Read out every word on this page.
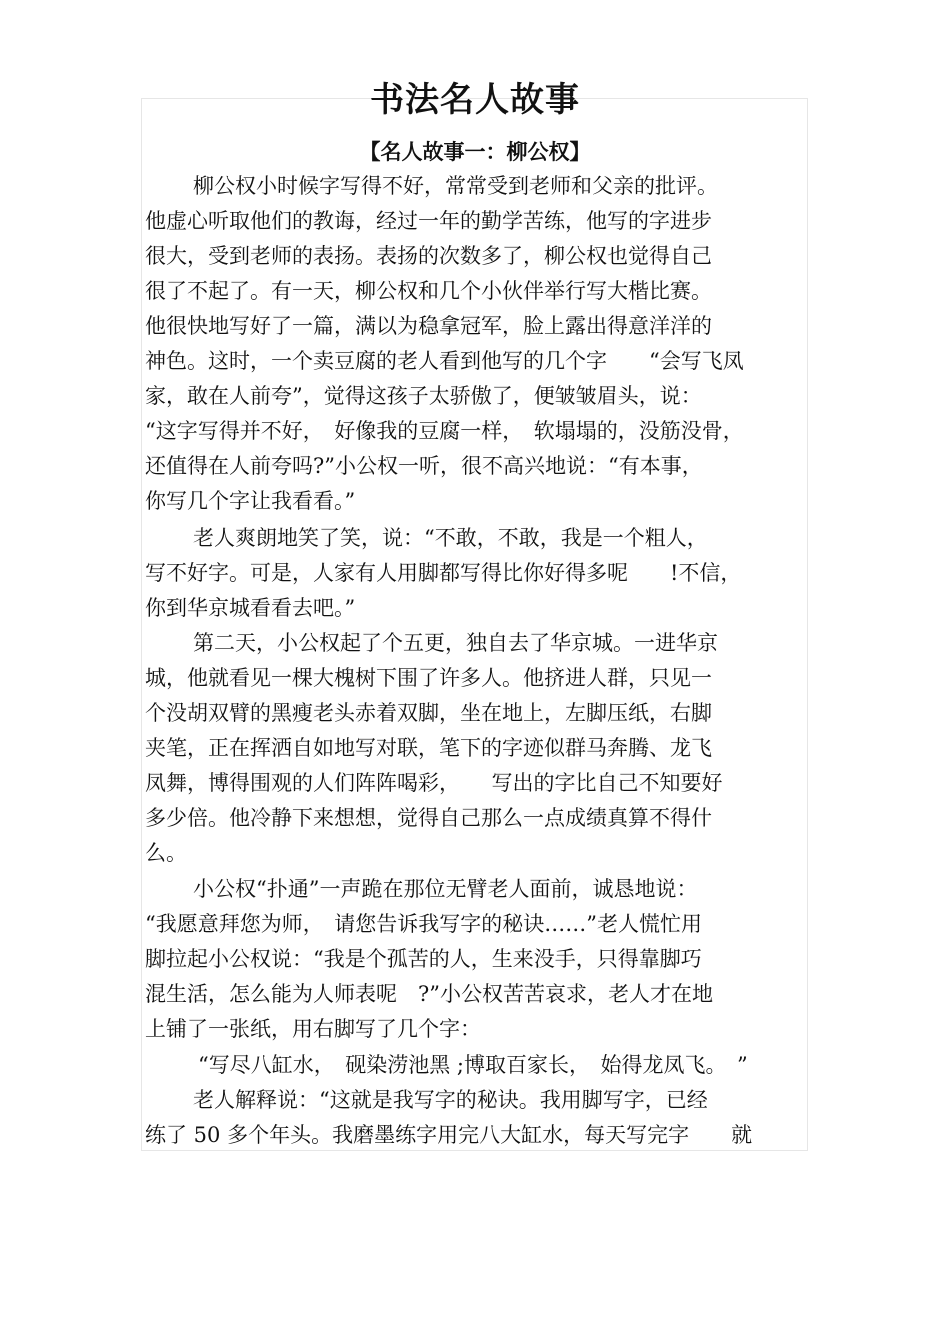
书法名人故事
【名人故事一：柳公权】
柳公权小时候字写得不好，常常受到老师和父亲的批评。
他虚心听取他们的教诲，经过一年的勤学苦练，他写的字进步
很大，受到老师的表扬。表扬的次数多了，柳公权也觉得自己
很了不起了。有一天，柳公权和几个小伙伴举行写大楷比赛。
他很快地写好了一篇，满以为稳拿冠军，脸上露出得意洋洋的
神色。这时，一个卖豆腐的老人看到他写的几个字　　“会写飞凤
家，敢在人前夸”，觉得这孩子太骄傲了，便皱皱眉头，说：
“这字写得并不好，　好像我的豆腐一样，　软塌塌的，没筋没骨，
还值得在人前夸吗?”小公权一听，很不高兴地说：“有本事，
你写几个字让我看看。”
老人爽朗地笑了笑，说：“不敢，不敢，我是一个粗人，
写不好字。可是，人家有人用脚都写得比你好得多呢　　!不信，
你到华京城看看去吧。”
第二天，小公权起了个五更，独自去了华京城。一进华京
城，他就看见一棵大槐树下围了许多人。他挤进人群，只见一
个没胡双臂的黑瘦老头赤着双脚，坐在地上，左脚压纸，右脚
夹笔，正在挥洒自如地写对联，笔下的字迹似群马奔腾、龙飞
凤舞，博得围观的人们阵阵喝彩，　　写出的字比自己不知要好
多少倍。他冷静下来想想，觉得自己那么一点成绩真算不得什
么。
小公权“扑通”一声跪在那位无臂老人面前，诚恳地说：
“我愿意拜您为师，　请您告诉我写字的秘诀……”老人慌忙用
脚拉起小公权说：“我是个孤苦的人，生来没手，只得靠脚巧
混生活，怎么能为人师表呢　?”小公权苦苦哀求，老人才在地
上铺了一张纸，用右脚写了几个字：
“写尽八缸水，　砚染涝池黑 ;博取百家长，　始得龙凤飞。　”
老人解释说：“这就是我写字的秘诀。我用脚写字，已经
练了 50 多个年头。我磨墨练字用完八大缸水，每天写完字　　就
